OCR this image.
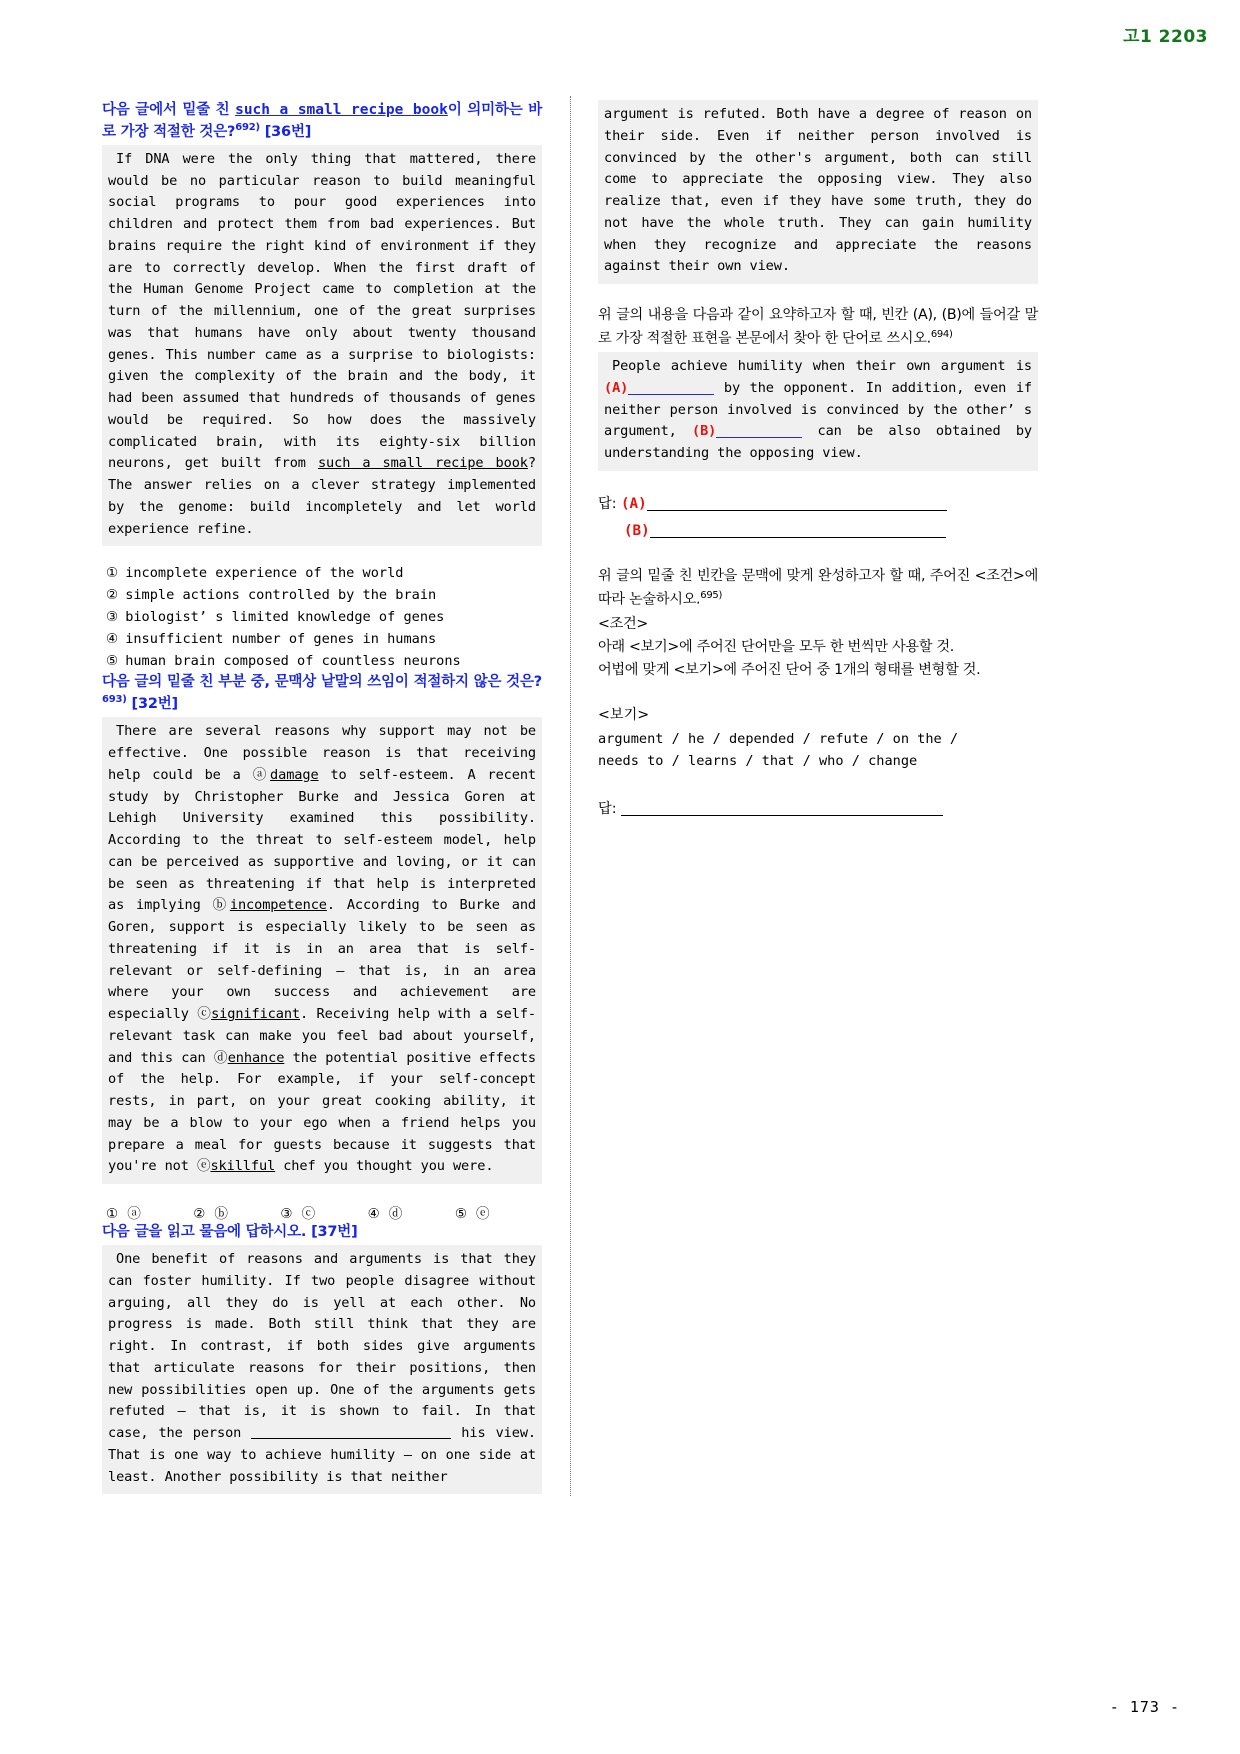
고1 2203
다음 글에서 밑줄 친 such a small recipe book이 의미하는 바로 가장 적절한 것은?$^{692)}$ [36번]

If DNA were the only thing that mattered, there would be no particular reason to build meaningful social programs to pour good experiences into children and protect them from bad experiences. But brains require the right kind of environment if they are to correctly develop. When the first draft of the Human Genome Project came to completion at the turn of the millennium, one of the great surprises was that humans have only about twenty thousand genes. This number came as a surprise to biologists: given the complexity of the brain and the body, it had been assumed that hundreds of thousands of genes would be required. So how does the massively complicated brain, with its eighty-six billion neurons, get built from such a small recipe book? The answer relies on a clever strategy implemented by the genome: build incompletely and let world experience refine.

① incomplete experience of the world
② simple actions controlled by the brain
③ biologist’ s limited knowledge of genes
④ insufficient number of genes in humans
⑤ human brain composed of countless neurons
다음 글의 밑줄 친 부분 중, 문맥상 낱말의 쓰임이 적절하지 않은 것은?$^{693)}$ [32번]

There are several reasons why support may not be effective. One possible reason is that receiving help could be a ⓐdamage to self-esteem. A recent study by Christopher Burke and Jessica Goren at Lehigh University examined this possibility. According to the threat to self-esteem model, help can be perceived as supportive and loving, or it can be seen as threatening if that help is interpreted as implying ⓑincompetence. According to Burke and Goren, support is especially likely to be seen as threatening if it is in an area that is self-relevant or self-defining – that is, in an area where your own success and achievement are especially ⓒsignificant. Receiving help with a self-relevant task can make you feel bad about yourself, and this can ⓓenhance the potential positive effects of the help. For example, if your self-concept rests, in part, on your great cooking ability, it may be a blow to your ego when a friend helps you prepare a meal for guests because it suggests that you're not ⓔskillful chef you thought you were.

① ⓐ	② ⓑ	③ ⓒ	④ ⓓ	⑤ ⓔ
다음 글을 읽고 물음에 답하시오. [37번]

One benefit of reasons and arguments is that they can foster humility. If two people disagree without arguing, all they do is yell at each other. No progress is made. Both still think that they are right. In contrast, if both sides give arguments that articulate reasons for their positions, then new possibilities open up. One of the arguments gets refuted – that is, it is shown to fail. In that case, the person	his view. That is one way to achieve humility – on one side at least. Another possibility is that neither

argument is refuted. Both have a degree of reason on their side. Even if neither person involved is convinced by the other's argument, both can still come to appreciate the opposing view. They also realize that, even if they have some truth, they do not have the whole truth. They can gain humility when they recognize and appreciate the reasons against their own view.

위 글의 내용을 다음과 같이 요약하고자 할 때, 빈칸 (A), (B)에 들어갈 말로 가장 적절한 표현을 본문에서 찾아 한 단어로 쓰시오.$^{694)}$

People achieve humility when their own argument is (A)	by the opponent. In addition, even if neither person involved is convinced by the other’ s argument, (B)	can be also obtained by understanding the opposing view.

답: (A)
(B)
위 글의 밑줄 친 빈칸을 문맥에 맞게 완성하고자 할 때, 주어진 <조건>에 따라 논술하시오.$^{695)}$
<조건>
아래 <보기>에 주어진 단어만을 모두 한 번씩만 사용할 것.
어법에 맞게 <보기>에 주어진 단어 중 1개의 형태를 변형할 것.
<보기>
argument / he / depended / refute / on the /
needs to / learns / that / who / change
답:
- 173 -
